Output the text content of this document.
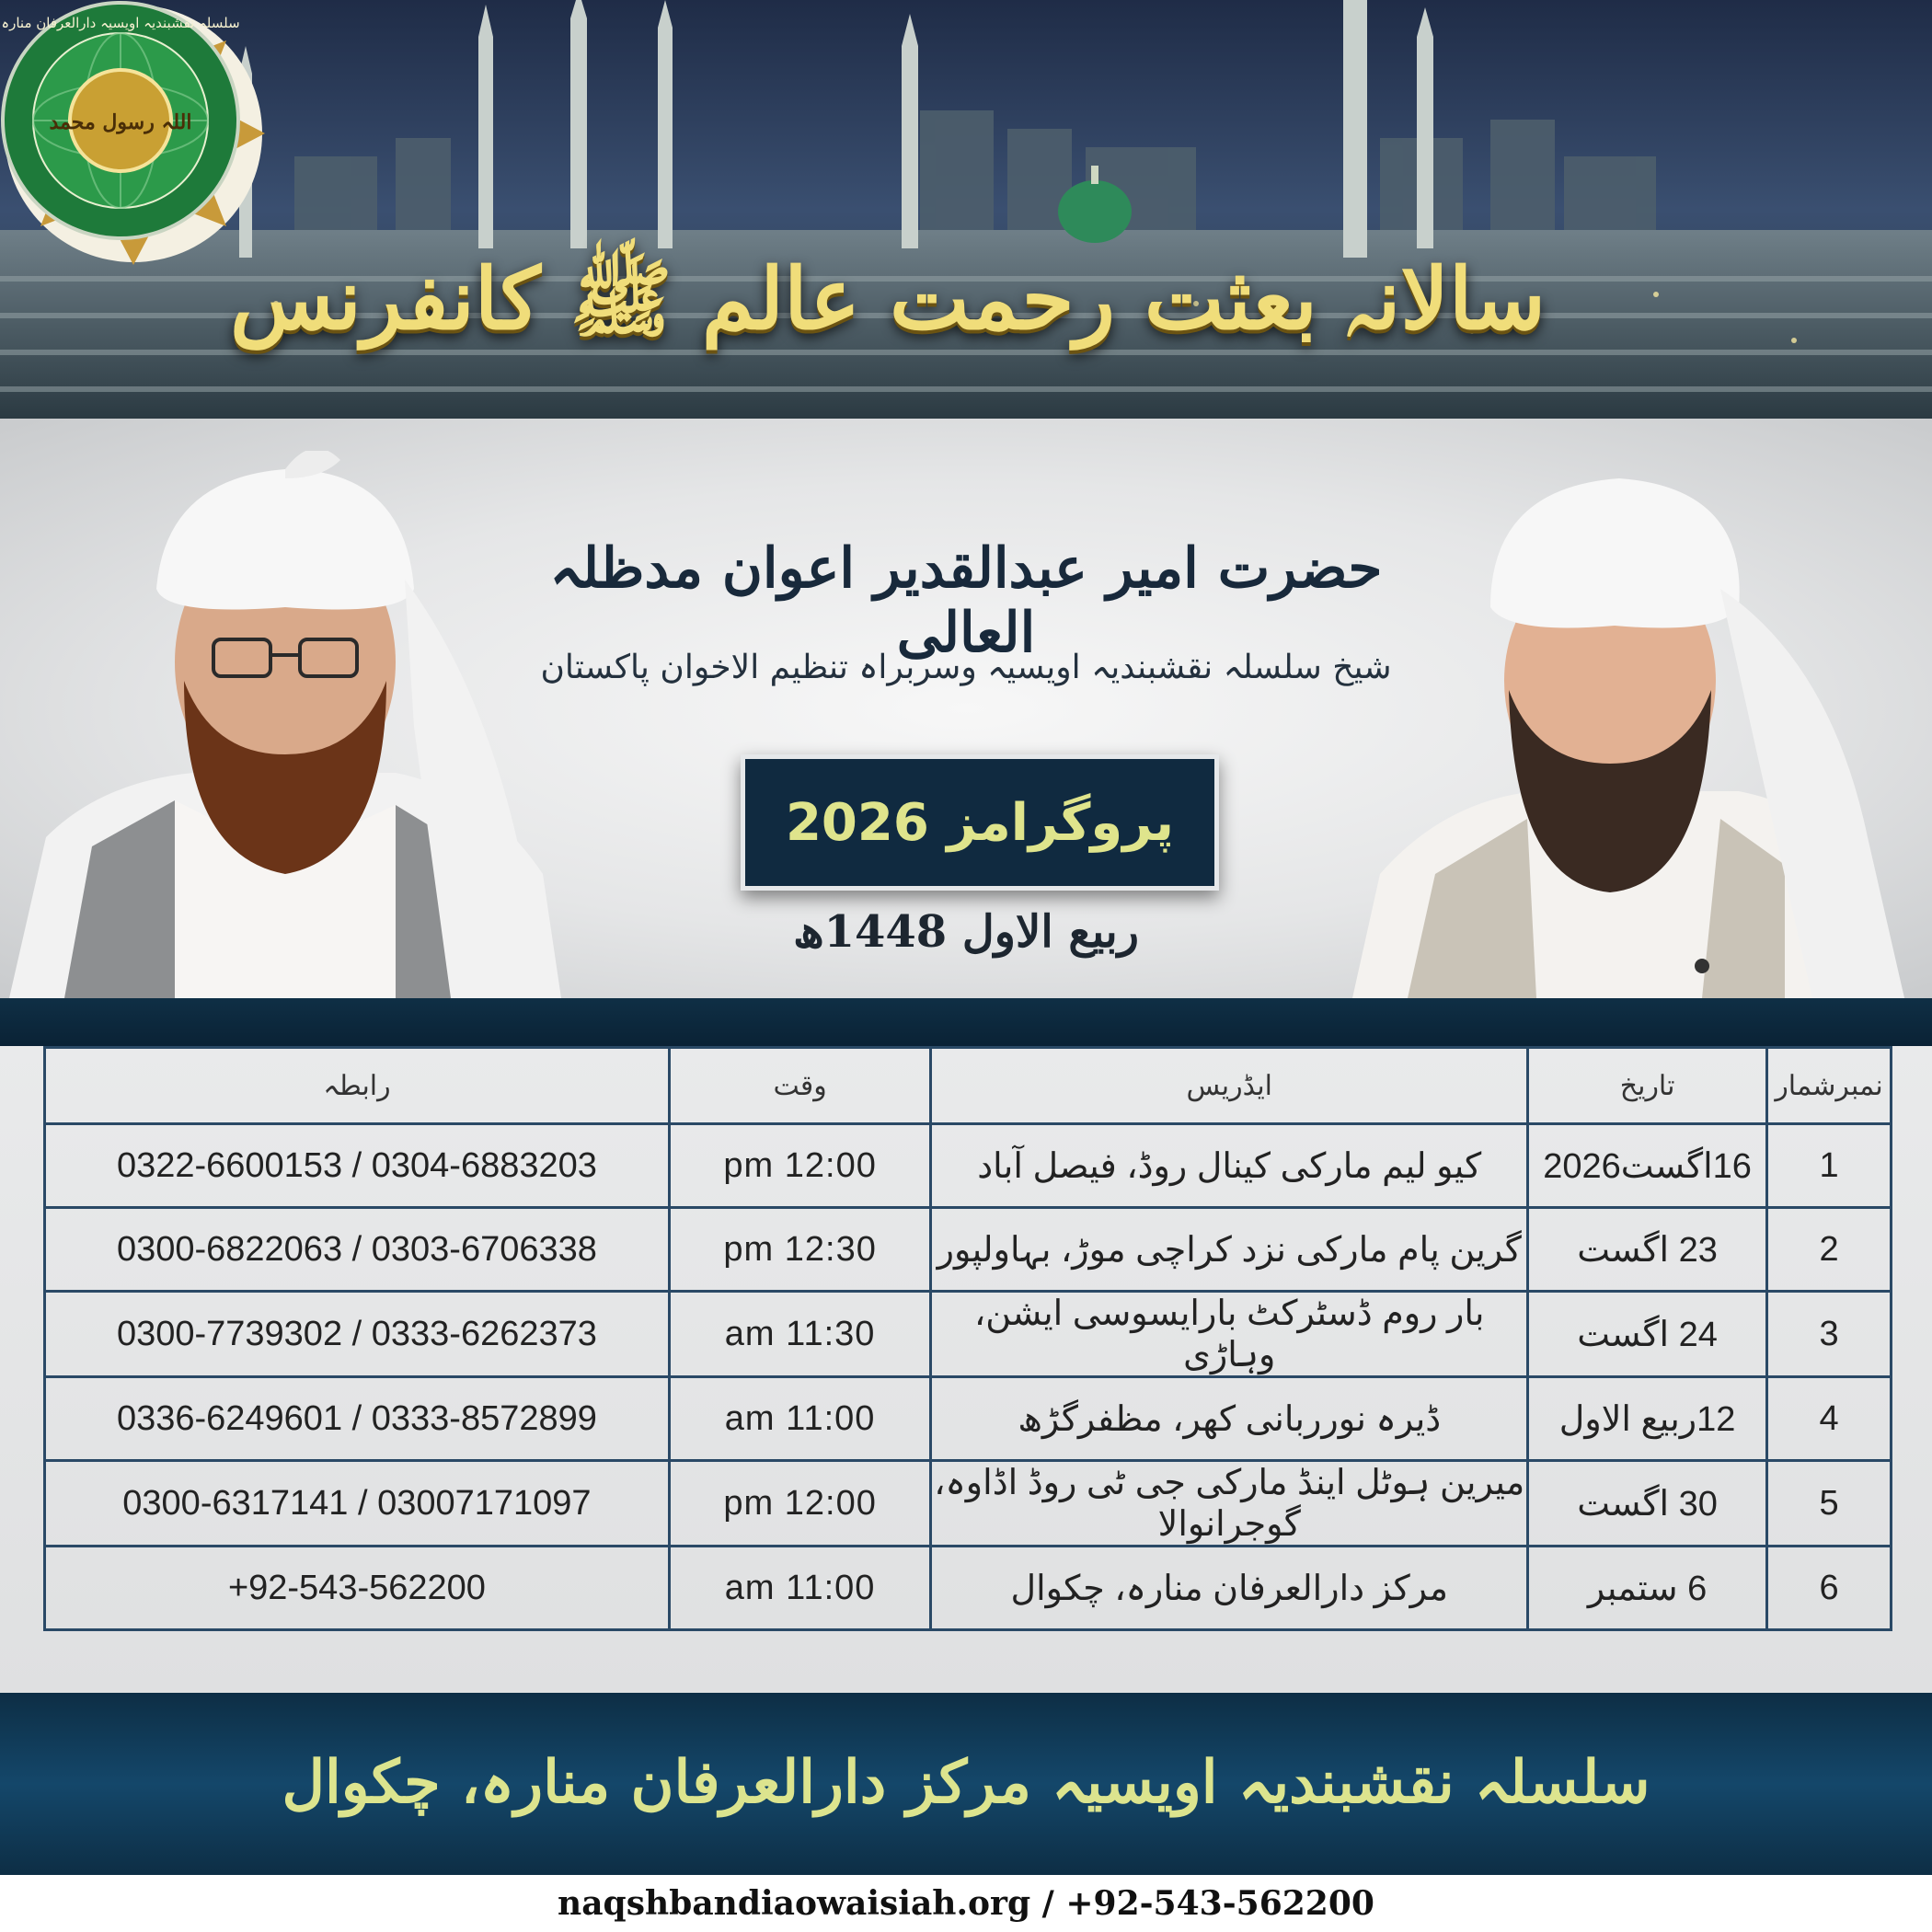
اللہ رسول محمد
سلسلہ نقشبندیہ اویسیہ دارالعرفان منارہ
سالانہ بعثت رحمت عالم ﷺ کانفرنس
حضرت امیر عبدالقدیر اعوان مدظلہ العالی
شیخ سلسلہ نقشبندیہ اویسیہ وسربراہ تنظیم الاخوان پاکستان
پروگرامز 2026
ربیع الاول 1448ھ
نمبرشمار	تاریخ	ایڈریس	وقت	رابطہ
1	16اگست2026	کیو لیم مارکی کینال روڈ، فیصل آباد	12:00 pm	0322-6600153 / 0304-6883203
2	23 اگست	گرین پام مارکی نزد کراچی موڑ، بہاولپور	12:30 pm	0300-6822063 / 0303-6706338
3	24 اگست	بار روم ڈسٹرکٹ بارایسوسی ایشن، وہاڑی	11:30 am	0300-7739302 / 0333-6262373
4	12ربیع الاول	ڈیرہ نورربانی کھر، مظفرگڑھ	11:00 am	0336-6249601 / 0333-8572899
5	30 اگست	میرین ہوٹل اینڈ مارکی جی ٹی روڈ اڈاوہ، گوجرانوالا	12:00 pm	0300-6317141 / 03007171097
6	6 ستمبر	مرکز دارالعرفان منارہ، چکوال	11:00 am	+92-543-562200
سلسلہ نقشبندیہ اویسیہ مرکز دارالعرفان منارہ، چکوال
naqshbandiaowaisiah.org / +92-543-562200
